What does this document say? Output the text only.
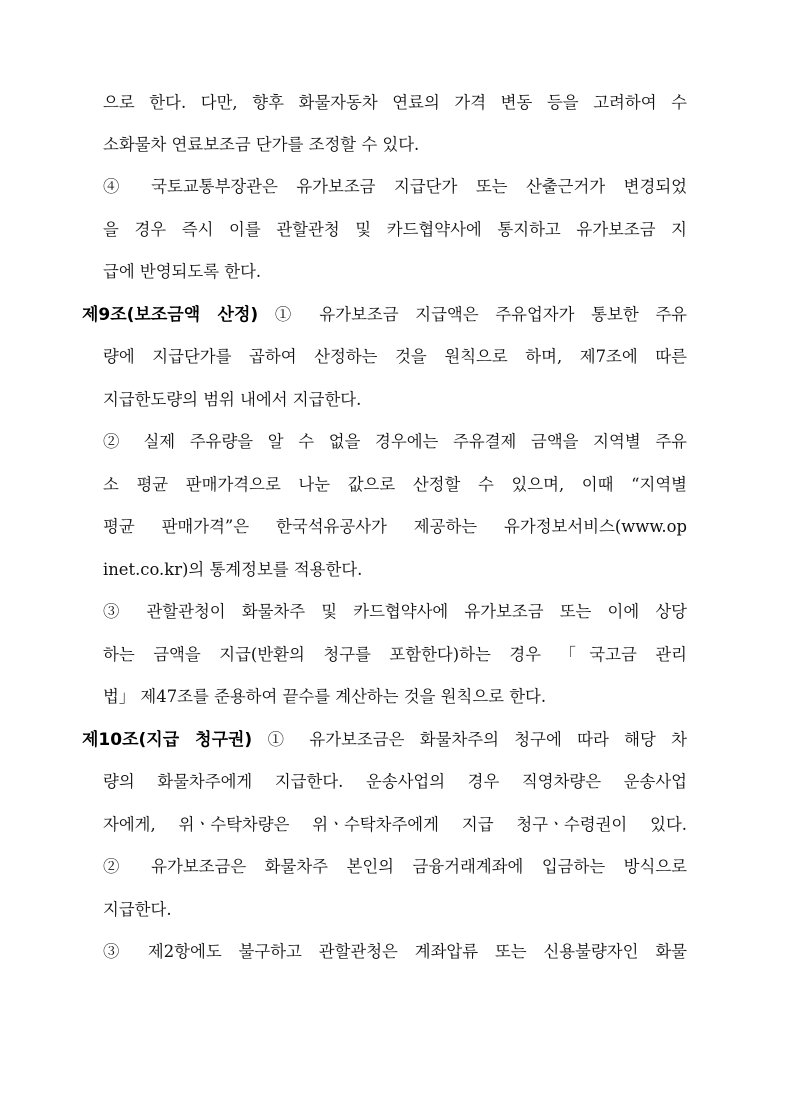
으로 한다. 다만, 향후 화물자동차 연료의 가격 변동 등을 고려하여 수
소화물차 연료보조금 단가를 조정할 수 있다.
④ 국토교통부장관은 유가보조금 지급단가 또는 산출근거가 변경되었
을 경우 즉시 이를 관할관청 및 카드협약사에 통지하고 유가보조금 지
급에 반영되도록 한다.
제9조(보조금액 산정) ① 유가보조금 지급액은 주유업자가 통보한 주유
량에 지급단가를 곱하여 산정하는 것을 원칙으로 하며, 제7조에 따른
지급한도량의 범위 내에서 지급한다.
② 실제 주유량을 알 수 없을 경우에는 주유결제 금액을 지역별 주유
소 평균 판매가격으로 나눈 값으로 산정할 수 있으며, 이때 “지역별
평균 판매가격”은 한국석유공사가 제공하는 유가정보서비스(www.op
inet.co.kr)의 통계정보를 적용한다.
③ 관할관청이 화물차주 및 카드협약사에 유가보조금 또는 이에 상당
하는 금액을 지급(반환의 청구를 포함한다)하는 경우 「국고금 관리
법」 제47조를 준용하여 끝수를 계산하는 것을 원칙으로 한다.
제10조(지급 청구권) ① 유가보조금은 화물차주의 청구에 따라 해당 차
량의 화물차주에게 지급한다. 운송사업의 경우 직영차량은 운송사업
자에게, 위ㆍ수탁차량은 위ㆍ수탁차주에게 지급 청구ㆍ수령권이 있다.
② 유가보조금은 화물차주 본인의 금융거래계좌에 입금하는 방식으로
지급한다.
③ 제2항에도 불구하고 관할관청은 계좌압류 또는 신용불량자인 화물
